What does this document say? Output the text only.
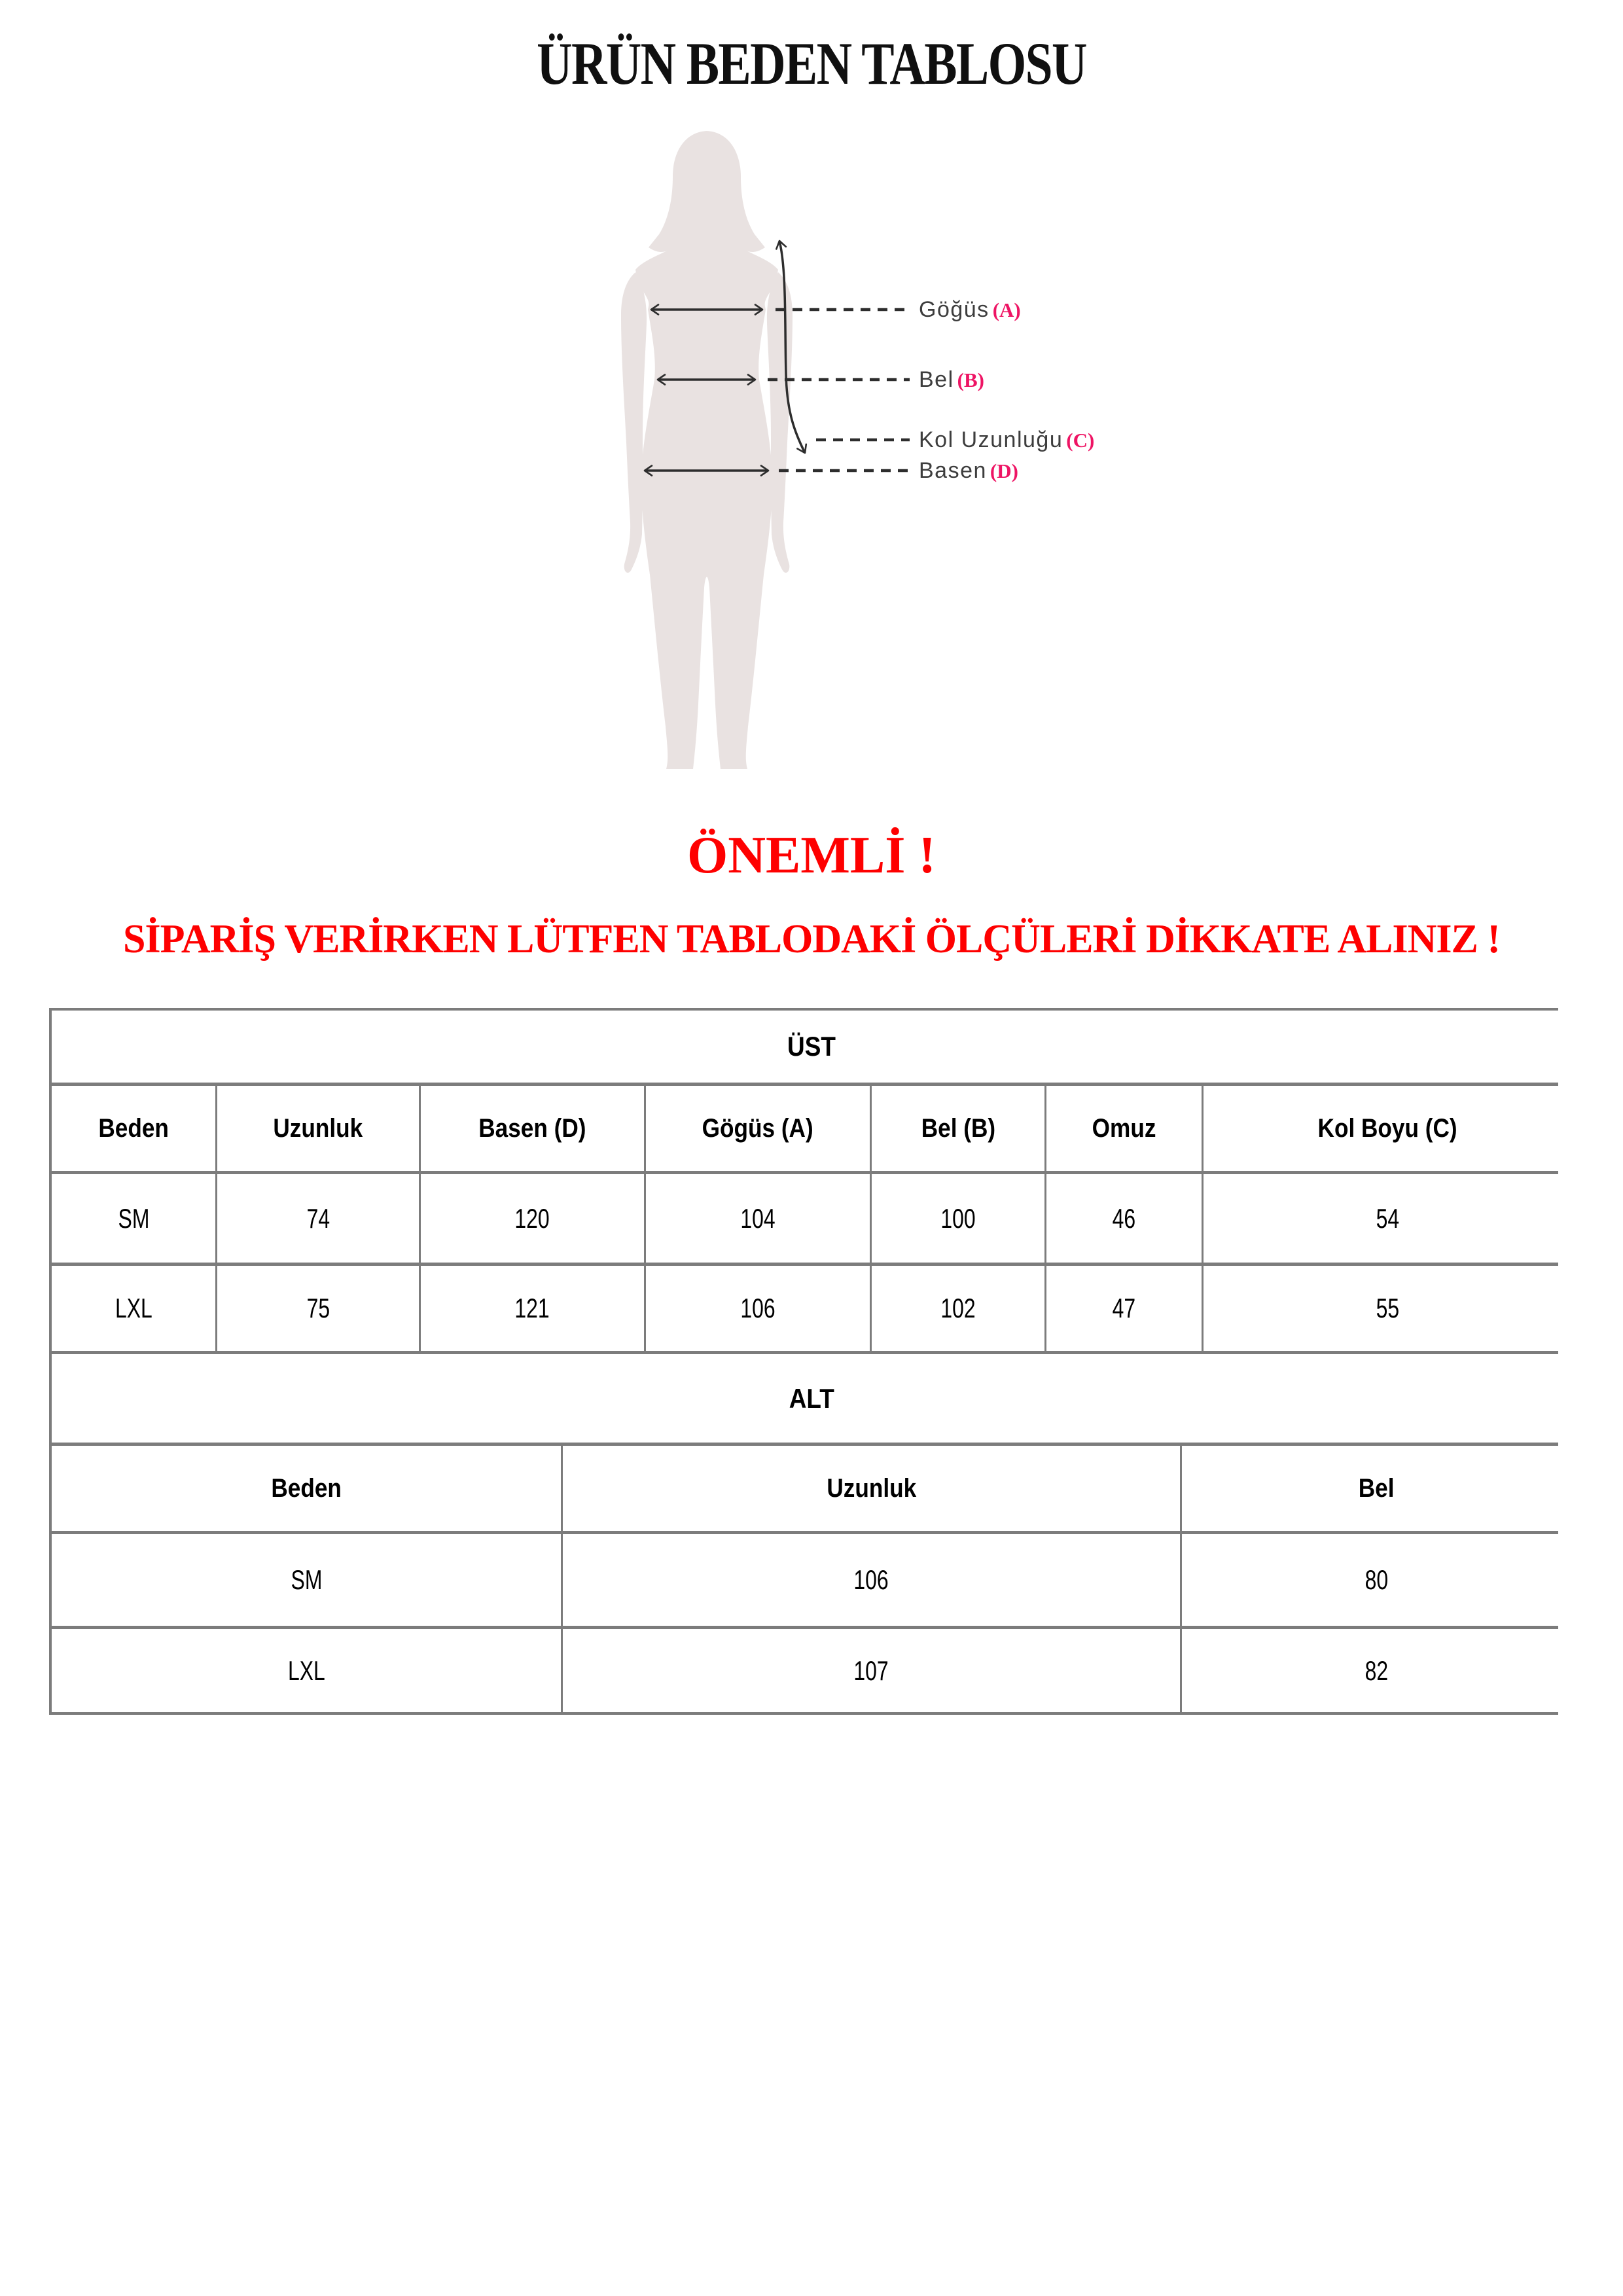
ÜRÜN BEDEN TABLOSU
Göğüs (A)
Bel (B)
Kol Uzunluğu (C)
Basen (D)
ÖNEMLİ !
SİPARİŞ VERİRKEN LÜTFEN TABLODAKİ ÖLÇÜLERİ DİKKATE ALINIZ !
ÜST
Beden	Uzunluk	Basen (D)	Gögüs (A)	Bel (B)	Omuz	Kol Boyu (C)
SM	74	120	104	100	46	54
LXL	75	121	106	102	47	55
ALT
Beden	Uzunluk	Bel
SM	106	80
LXL	107	82
